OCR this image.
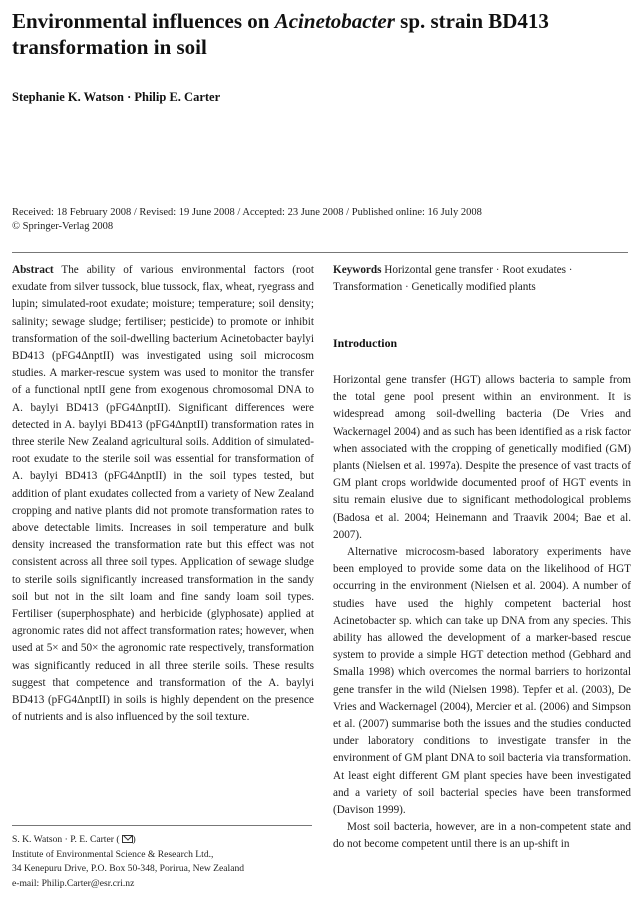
Environmental influences on Acinetobacter sp. strain BD413 transformation in soil
Stephanie K. Watson · Philip E. Carter
Received: 18 February 2008 / Revised: 19 June 2008 / Accepted: 23 June 2008 / Published online: 16 July 2008
© Springer-Verlag 2008
Abstract The ability of various environmental factors (root exudate from silver tussock, blue tussock, flax, wheat, ryegrass and lupin; simulated-root exudate; moisture; temperature; soil density; salinity; sewage sludge; fertiliser; pesticide) to promote or inhibit transformation of the soil-dwelling bacterium Acinetobacter baylyi BD413 (pFG4ΔnptII) was investigated using soil microcosm studies. A marker-rescue system was used to monitor the transfer of a functional nptII gene from exogenous chromosomal DNA to A. baylyi BD413 (pFG4ΔnptII). Significant differences were detected in A. baylyi BD413 (pFG4ΔnptII) transformation rates in three sterile New Zealand agricultural soils. Addition of simulated-root exudate to the sterile soil was essential for transformation of A. baylyi BD413 (pFG4ΔnptII) in the soil types tested, but addition of plant exudates collected from a variety of New Zealand cropping and native plants did not promote transformation rates to above detectable limits. Increases in soil temperature and bulk density increased the transformation rate but this effect was not consistent across all three soil types. Application of sewage sludge to sterile soils significantly increased transformation in the sandy soil but not in the silt loam and fine sandy loam soil types. Fertiliser (superphosphate) and herbicide (glyphosate) applied at agronomic rates did not affect transformation rates; however, when used at 5× and 50× the agronomic rate respectively, transformation was significantly reduced in all three sterile soils. These results suggest that competence and transformation of the A. baylyi BD413 (pFG4ΔnptII) in soils is highly dependent on the presence of nutrients and is also influenced by the soil texture.
Keywords Horizontal gene transfer · Root exudates · Transformation · Genetically modified plants
Introduction

Horizontal gene transfer (HGT) allows bacteria to sample from the total gene pool present within an environment. It is widespread among soil-dwelling bacteria (De Vries and Wackernagel 2004) and as such has been identified as a risk factor when associated with the cropping of genetically modified (GM) plants (Nielsen et al. 1997a). Despite the presence of vast tracts of GM plant crops worldwide documented proof of HGT events in situ remain elusive due to significant methodological problems (Badosa et al. 2004; Heinemann and Traavik 2004; Bae et al. 2007).

Alternative microcosm-based laboratory experiments have been employed to provide some data on the likelihood of HGT occurring in the environment (Nielsen et al. 2004). A number of studies have used the highly competent bacterial host Acinetobacter sp. which can take up DNA from any species. This ability has allowed the development of a marker-based rescue system to provide a simple HGT detection method (Gebhard and Smalla 1998) which overcomes the normal barriers to horizontal gene transfer in the wild (Nielsen 1998). Tepfer et al. (2003), De Vries and Wackernagel (2004), Mercier et al. (2006) and Simpson et al. (2007) summarise both the issues and the studies conducted under laboratory conditions to investigate transfer in the environment of GM plant DNA to soil bacteria via transformation. At least eight different GM plant species have been investigated and a variety of soil bacterial species have been transformed (Davison 1999).

Most soil bacteria, however, are in a non-competent state and do not become competent until there is an up-shift in

S. K. Watson · P. E. Carter ( )
Institute of Environmental Science & Research Ltd.,
34 Kenepuru Drive, P.O. Box 50-348, Porirua, New Zealand
e-mail: Philip.Carter@esr.cri.nz
